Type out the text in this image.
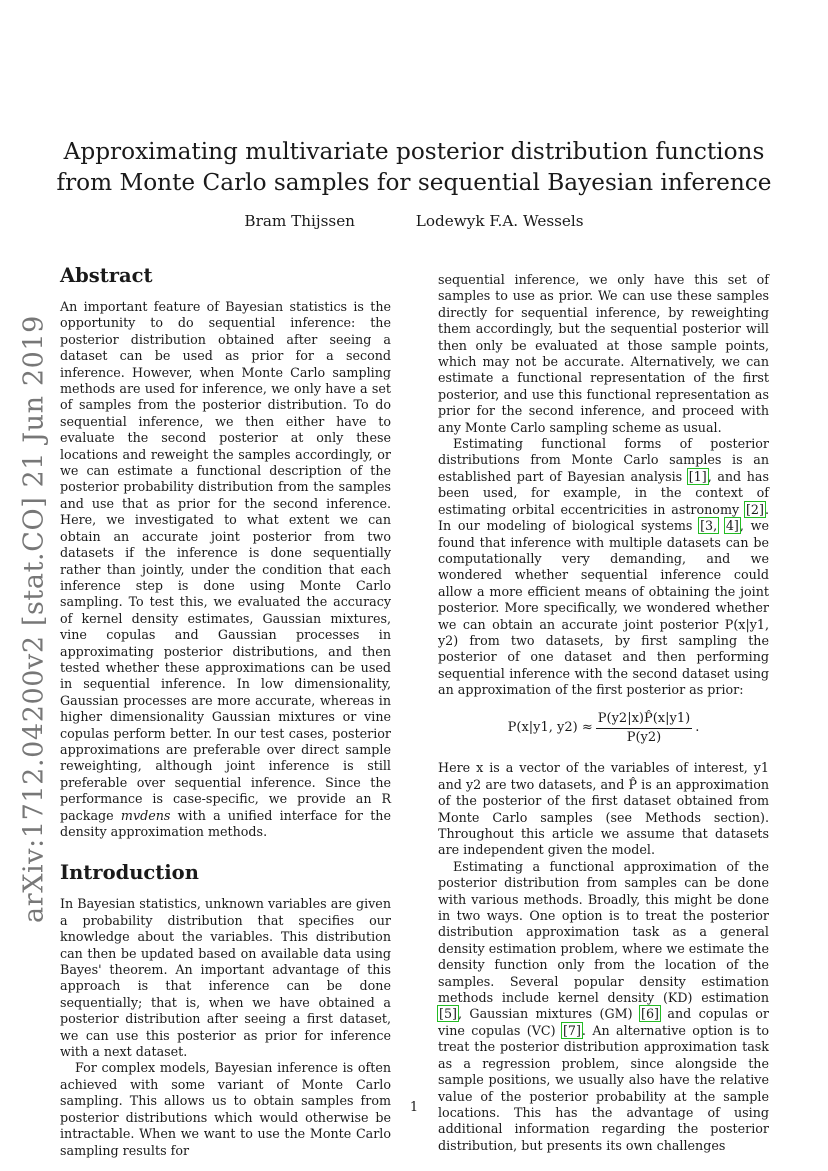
arXiv:1712.04200v2 [stat.CO] 21 Jun 2019
Approximating multivariate posterior distribution functions from Monte Carlo samples for sequential Bayesian inference
Bram Thijssen	Lodewyk F.A. Wessels
Abstract

An important feature of Bayesian statistics is the opportunity to do sequential inference: the posterior distribution obtained after seeing a dataset can be used as prior for a second inference. However, when Monte Carlo sampling methods are used for inference, we only have a set of samples from the posterior distribution. To do sequential inference, we then either have to evaluate the second posterior at only these locations and reweight the samples accordingly, or we can estimate a functional description of the posterior probability distribution from the samples and use that as prior for the second inference. Here, we investigated to what extent we can obtain an accurate joint posterior from two datasets if the inference is done sequentially rather than jointly, under the condition that each inference step is done using Monte Carlo sampling. To test this, we evaluated the accuracy of kernel density estimates, Gaussian mixtures, vine copulas and Gaussian processes in approximating posterior distributions, and then tested whether these approximations can be used in sequential inference. In low dimensionality, Gaussian processes are more accurate, whereas in higher dimensionality Gaussian mixtures or vine copulas perform better. In our test cases, posterior approximations are preferable over direct sample reweighting, although joint inference is still preferable over sequential inference. Since the performance is case-specific, we provide an R package mvdens with a unified interface for the density approximation methods.

Introduction

In Bayesian statistics, unknown variables are given a probability distribution that specifies our knowledge about the variables. This distribution can then be updated based on available data using Bayes' theorem. An important advantage of this approach is that inference can be done sequentially; that is, when we have obtained a posterior distribution after seeing a first dataset, we can use this posterior as prior for inference with a next dataset.

For complex models, Bayesian inference is often achieved with some variant of Monte Carlo sampling. This allows us to obtain samples from posterior distributions which would otherwise be intractable. When we want to use the Monte Carlo sampling results for

sequential inference, we only have this set of samples to use as prior. We can use these samples directly for sequential inference, by reweighting them accordingly, but the sequential posterior will then only be evaluated at those sample points, which may not be accurate. Alternatively, we can estimate a functional representation of the first posterior, and use this functional representation as prior for the second inference, and proceed with any Monte Carlo sampling scheme as usual.

Estimating functional forms of posterior distributions from Monte Carlo samples is an established part of Bayesian analysis [1], and has been used, for example, in the context of estimating orbital eccentricities in astronomy [2]. In our modeling of biological systems [3, 4], we found that inference with multiple datasets can be computationally very demanding, and we wondered whether sequential inference could allow a more efficient means of obtaining the joint posterior. More specifically, we wondered whether we can obtain an accurate joint posterior P(x|y1, y2) from two datasets, by first sampling the posterior of one dataset and then performing sequential inference with the second dataset using an approximation of the first posterior as prior:

P(x|y1, $y2) \approx \frac{P(y2|x)P̂(x|y1)}{P(y2)}$ .

Here x is a vector of the variables of interest, y1 and y2 are two datasets, and P̂ is an approximation of the posterior of the first dataset obtained from Monte Carlo samples (see Methods section). Throughout this article we assume that datasets are independent given the model.

Estimating a functional approximation of the posterior distribution from samples can be done with various methods. Broadly, this might be done in two ways. One option is to treat the posterior distribution approximation task as a general density estimation problem, where we estimate the density function only from the location of the samples. Several popular density estimation methods include kernel density (KD) estimation [5], Gaussian mixtures (GM) [6] and copulas or vine copulas (VC) [7]. An alternative option is to treat the posterior distribution approximation task as a regression problem, since alongside the sample positions, we usually also have the relative value of the posterior probability at the sample locations. This has the advantage of using additional information regarding the posterior distribution, but presents its own challenges

1
